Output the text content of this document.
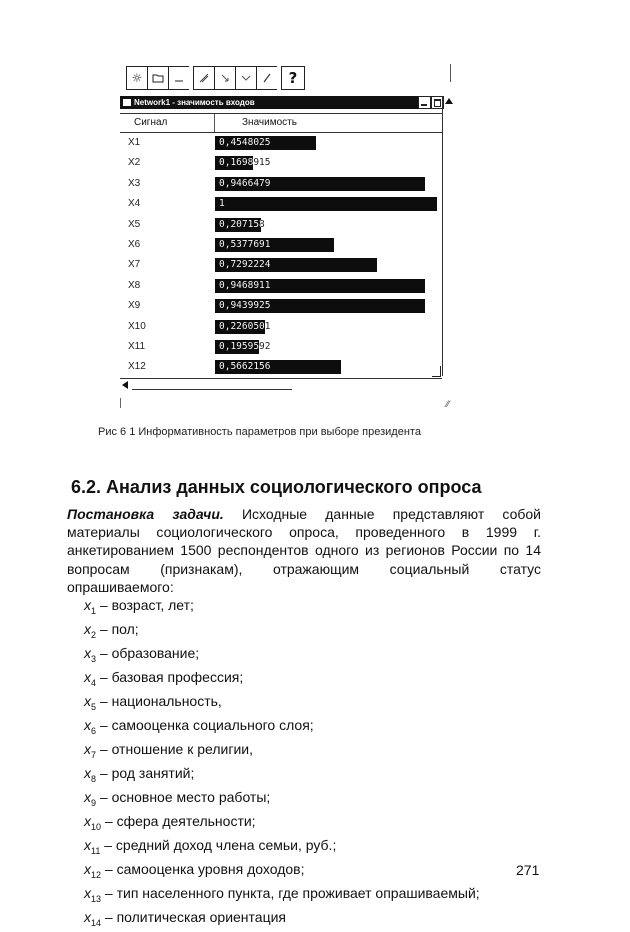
☼	?
Network1 - значимость входов
Сигнал	Значимость
X1	0,4548025
X2	0,1698915
X3	0,9466479
X4	1
X5	0,207158
X6	0,5377691
X7	0,7292224
X8	0,9468911
X9	0,9439925
X10	0,2260501
X11	0,1959592
X12	0,5662156
⁄⁄
Рис 6 1 Информативность параметров при выборе президента
6.2. Анализ данных социологического опроса

Постановка задачи. Исходные данные представляют собой материалы социологического опроса, проведенного в 1999 г. анкетированием 1500 респондентов одного из регионов России по 14 вопросам (признакам), отражающим социальный статус опрашиваемого:

$x_1$ – возраст, лет;
$x_2$ – пол;
$x_3$ – образование;
$x_4$ – базовая профессия;
$x_5$ – национальность,
$x_6$ – самооценка социального слоя;
$x_7$ – отношение к религии,
$x_8$ – род занятий;
$x_9$ – основное место работы;
$x_{10}$ – сфера деятельности;
$x_{11}$ – средний доход члена семьи, руб.;
$x_{12}$ – самооценка уровня доходов;
$x_{13}$ – тип населенного пункта, где проживает опрашиваемый;
$x_{14}$ – политическая ориентация
271
